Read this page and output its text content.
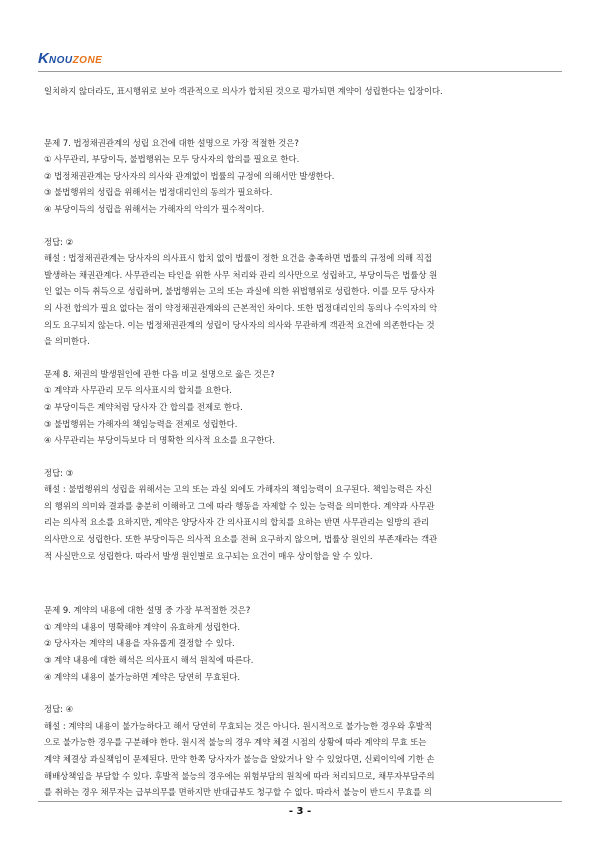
K NOU ZONE

일치하지 않더라도, 표시행위로 보아 객관적으로 의사가 합치된 것으로 평가되면 계약이 성립한다는 입장이다.

문제 7. 법정채권관계의 성립 요건에 대한 설명으로 가장 적절한 것은?

① 사무관리, 부당이득, 불법행위는 모두 당사자의 합의를 필요로 한다.

② 법정채권관계는 당사자의 의사와 관계없이 법률의 규정에 의해서만 발생한다.

③ 불법행위의 성립을 위해서는 법정대리인의 동의가 필요하다.

④ 부당이득의 성립을 위해서는 가해자의 악의가 필수적이다.

정답: ②

해설 : 법정채권관계는 당사자의 의사표시 합치 없이 법률이 정한 요건을 충족하면 법률의 규정에 의해 직접

발생하는 채권관계다. 사무관리는 타인을 위한 사무 처리와 관리 의사만으로 성립하고, 부당이득은 법률상 원

인 없는 이득 취득으로 성립하며, 불법행위는 고의 또는 과실에 의한 위법행위로 성립한다. 이를 모두 당사자

의 사전 합의가 필요 없다는 점이 약정채권관계와의 근본적인 차이다. 또한 법정대리인의 동의나 수익자의 악

의도 요구되지 않는다. 이는 법정채권관계의 성립이 당사자의 의사와 무관하게 객관적 요건에 의존한다는 것

을 의미한다.

문제 8. 채권의 발생원인에 관한 다음 비교 설명으로 옳은 것은?

① 계약과 사무관리 모두 의사표시의 합치를 요한다.

② 부당이득은 계약처럼 당사자 간 합의를 전제로 한다.

③ 불법행위는 가해자의 책임능력을 전제로 성립한다.

④ 사무관리는 부당이득보다 더 명확한 의사적 요소를 요구한다.

정답: ③

해설 : 불법행위의 성립을 위해서는 고의 또는 과실 외에도 가해자의 책임능력이 요구된다. 책임능력은 자신

의 행위의 의미와 결과를 충분히 이해하고 그에 따라 행동을 자제할 수 있는 능력을 의미한다. 계약과 사무관

리는 의사적 요소를 요하지만, 계약은 양당사자 간 의사표시의 합치를 요하는 반면 사무관리는 일방의 관리

의사만으로 성립한다. 또한 부당이득은 의사적 요소를 전혀 요구하지 않으며, 법률상 원인의 부존재라는 객관

적 사실만으로 성립한다. 따라서 발생 원인별로 요구되는 요건이 매우 상이함을 알 수 있다.

문제 9. 계약의 내용에 대한 설명 중 가장 부적절한 것은?

① 계약의 내용이 명확해야 계약이 유효하게 성립한다.

② 당사자는 계약의 내용을 자유롭게 결정할 수 있다.

③ 계약 내용에 대한 해석은 의사표시 해석 원칙에 따른다.

④ 계약의 내용이 불가능하면 계약은 당연히 무효된다.

정답: ④

해설 : 계약의 내용이 불가능하다고 해서 당연히 무효되는 것은 아니다. 원시적으로 불가능한 경우와 후발적

으로 불가능한 경우를 구분해야 한다. 원시적 불능의 경우 계약 체결 시점의 상황에 따라 계약의 무효 또는

계약 체결상 과실책임이 문제된다. 만약 한쪽 당사자가 불능을 알았거나 알 수 있었다면, 신뢰이익에 기한 손

해배상책임을 부담할 수 있다. 후발적 불능의 경우에는 위험부담의 원칙에 따라 처리되므로, 채무자부담주의

를 취하는 경우 채무자는 급부의무를 면하지만 반대급부도 청구할 수 없다. 따라서 불능이 반드시 무효를 의

- 3 -
